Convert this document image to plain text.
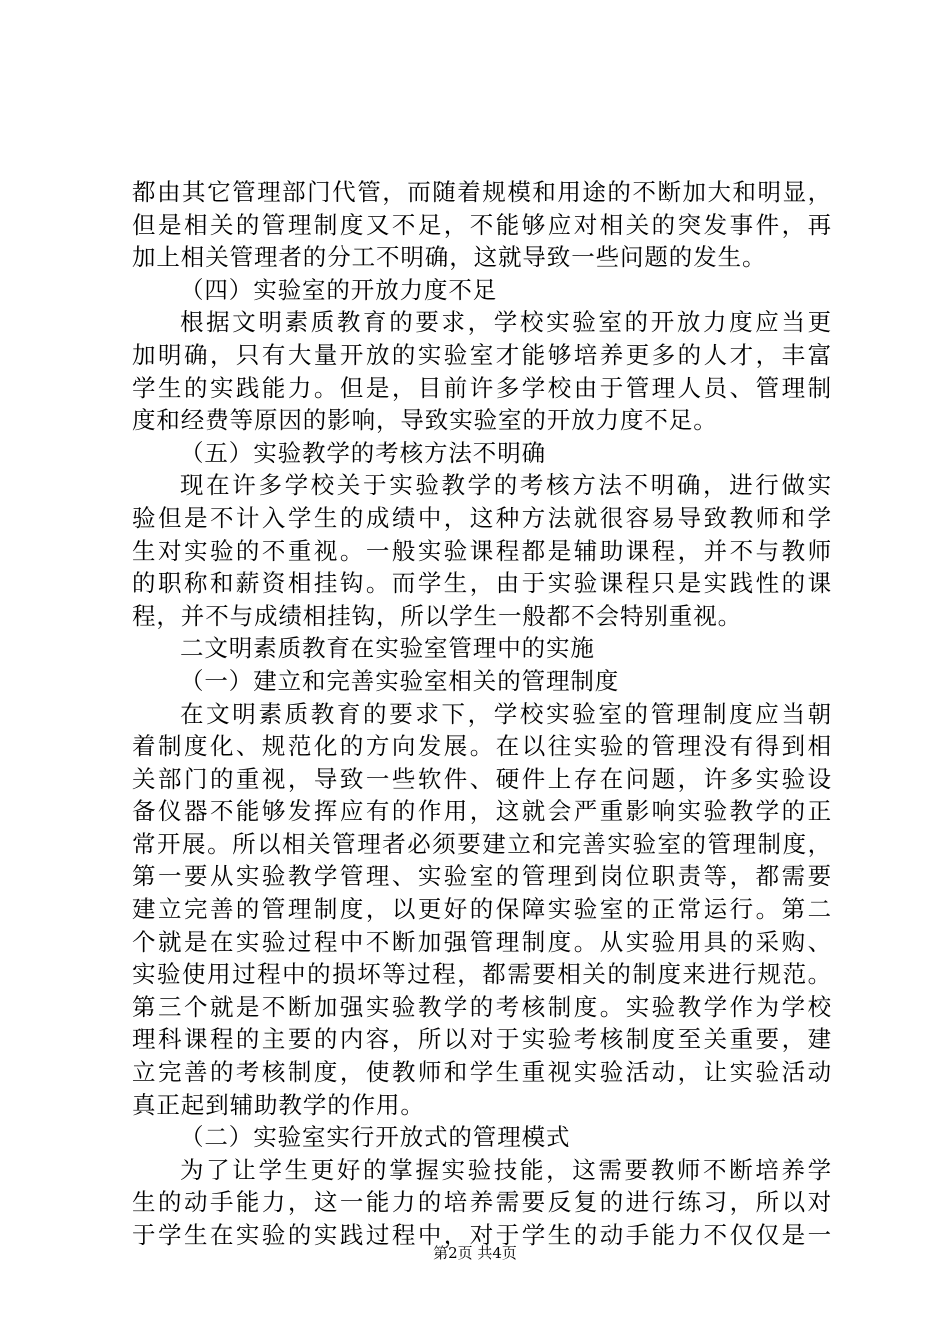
都由其它管理部门代管，而随着规模和用途的不断加大和明显，
但是相关的管理制度又不足，不能够应对相关的突发事件，再
加上相关管理者的分工不明确，这就导致一些问题的发生。
（四）实验室的开放力度不足
根据文明素质教育的要求，学校实验室的开放力度应当更
加明确，只有大量开放的实验室才能够培养更多的人才，丰富
学生的实践能力。但是，目前许多学校由于管理人员、管理制
度和经费等原因的影响，导致实验室的开放力度不足。
（五）实验教学的考核方法不明确
现在许多学校关于实验教学的考核方法不明确，进行做实
验但是不计入学生的成绩中，这种方法就很容易导致教师和学
生对实验的不重视。一般实验课程都是辅助课程，并不与教师
的职称和薪资相挂钩。而学生，由于实验课程只是实践性的课
程，并不与成绩相挂钩，所以学生一般都不会特别重视。
二文明素质教育在实验室管理中的实施
（一）建立和完善实验室相关的管理制度
在文明素质教育的要求下，学校实验室的管理制度应当朝
着制度化、规范化的方向发展。在以往实验的管理没有得到相
关部门的重视，导致一些软件、硬件上存在问题，许多实验设
备仪器不能够发挥应有的作用，这就会严重影响实验教学的正
常开展。所以相关管理者必须要建立和完善实验室的管理制度，
第一要从实验教学管理、实验室的管理到岗位职责等，都需要
建立完善的管理制度，以更好的保障实验室的正常运行。第二
个就是在实验过程中不断加强管理制度。从实验用具的采购、
实验使用过程中的损坏等过程，都需要相关的制度来进行规范。
第三个就是不断加强实验教学的考核制度。实验教学作为学校
理科课程的主要的内容，所以对于实验考核制度至关重要，建
立完善的考核制度，使教师和学生重视实验活动，让实验活动
真正起到辅助教学的作用。
（二）实验室实行开放式的管理模式
为了让学生更好的掌握实验技能，这需要教师不断培养学
生的动手能力，这一能力的培养需要反复的进行练习，所以对
于学生在实验的实践过程中，对于学生的动手能力不仅仅是一
第2页 共4页
